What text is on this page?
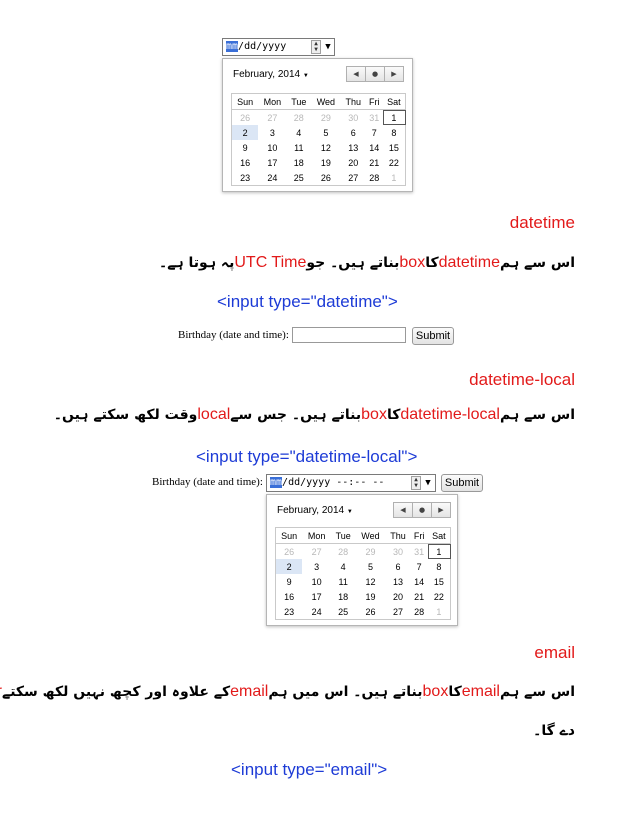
mm/dd/yyyy	▲
▼ ▼
February, 2014 ▼	◀	●	▶
Sun	Mon	Tue	Wed	Thu	Fri	Sat
26	27	28	29	30	31	1
2	3	4	5	6	7	8
9	10	11	12	13	14	15
16	17	18	19	20	21	22
23	24	25	26	27	28	1
datetime
اس سے ہمdatetimeکاboxبناتے ہیں۔ جوUTC Timeپہ ہوتا ہے۔
<input type="datetime">
Birthday (date and time):	Submit
datetime-local
اس سے ہمdatetime-localکاboxبناتے ہیں۔ جس سےlocalوقت لکھ سکتے ہیں۔
<input type="datetime-local">
Birthday (date and time): mm/dd/yyyy --:-- --	▲
▼ ▼	Submit
February, 2014 ▼	◀	●	▶
Sun	Mon	Tue	Wed	Thu	Fri	Sat
26	27	28	29	30	31	1
2	3	4	5	6	7	8
9	10	11	12	13	14	15
16	17	18	19	20	21	22
23	24	25	26	27	28	1
email
اس سے ہمemailکاboxبناتے ہیں۔ اس میں ہمemailکے علاوہ اور کچھ نہیں لکھ سکتے
دے گا۔
<input type="email">
